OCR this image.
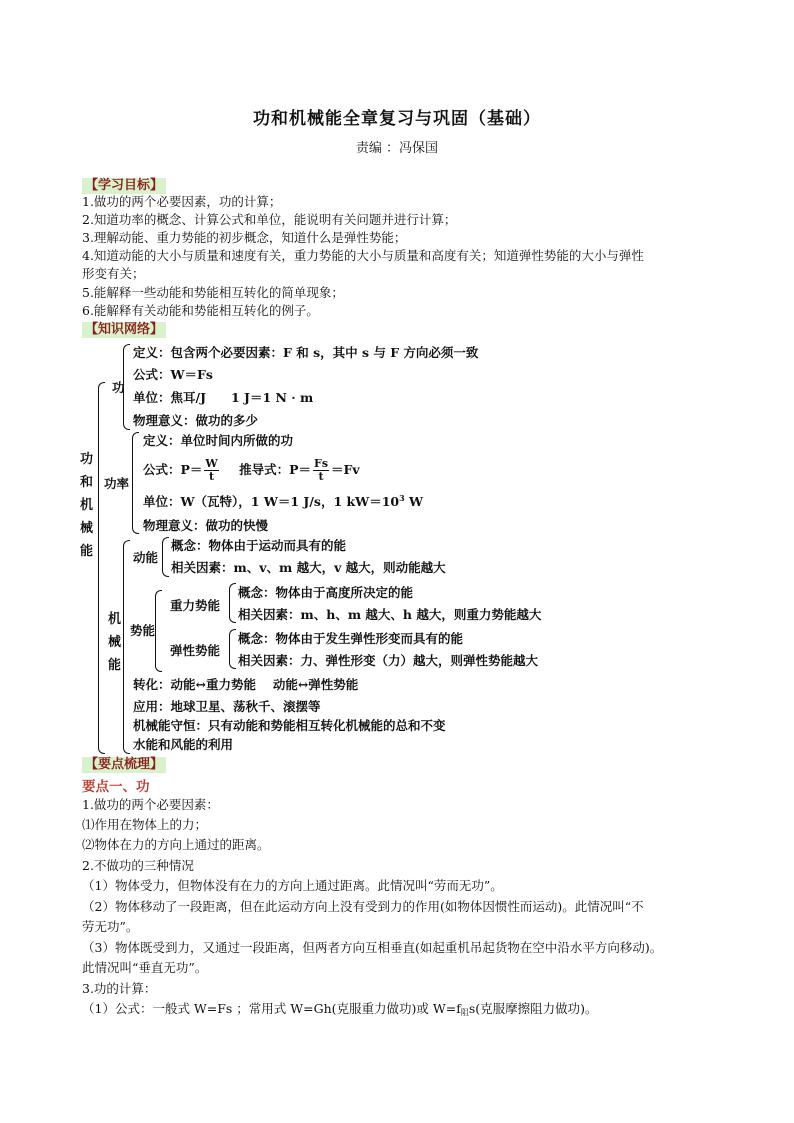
功和机械能全章复习与巩固（基础）
责编 ：冯保国
【学习目标】
1.做功的两个必要因素，功的计算；
2.知道功率的概念、计算公式和单位，能说明有关问题并进行计算；
3.理解动能、重力势能的初步概念，知道什么是弹性势能；
4.知道动能的大小与质量和速度有关，重力势能的大小与质量和高度有关；知道弹性势能的大小与弹性
形变有关；
5.能解释一些动能和势能相互转化的简单现象；
6.能解释有关动能和势能相互转化的例子。
【知识网络】
功和机械能
功
定义：包含两个必要因素：F 和 s，其中 s 与 F 方向必须一致
公式：W＝Fs
单位：焦耳/J　　1 J＝1 N · m
物理意义：做功的多少
功率
定义：单位时间内所做的功
公式：$P= \frac{W}{t}$ 推导式：$P= \frac{Fs}{t} =Fv$
单位：W（瓦特），1 W＝1 J/s，1 $kW=10^3$ W
物理意义：做功的快慢
机械能
动能
概念：物体由于运动而具有的能
相关因素：m、v、m 越大，v 越大，则动能越大
势能
重力势能
概念：物体由于高度所决定的能
相关因素：m、h、m 越大、h 越大，则重力势能越大
弹性势能
概念：物体由于发生弹性形变而具有的能
相关因素：力、弹性形变（力）越大，则弹性势能越大
转化：动能↔重力势能　 动能↔弹性势能
应用：地球卫星、荡秋千、滚摆等
机械能守恒：只有动能和势能相互转化机械能的总和不变
水能和风能的利用
【要点梳理】
要点一、功
1.做功的两个必要因素：
⑴作用在物体上的力；
⑵物体在力的方向上通过的距离。
2.不做功的三种情况
（1）物体受力，但物体没有在力的方向上通过距离。此情况叫“劳而无功”。
（2）物体移动了一段距离，但在此运动方向上没有受到力的作用(如物体因惯性而运动)。此情况叫“不
劳无功”。
（3）物体既受到力，又通过一段距离，但两者方向互相垂直(如起重机吊起货物在空中沿水平方向移动)。
此情况叫“垂直无功”。
3.功的计算：
（1）公式：一般式 W=Fs ；常用式 W=Gh(克服重力做功)或 $W=f_阻s$(克服摩擦阻力做功)。
